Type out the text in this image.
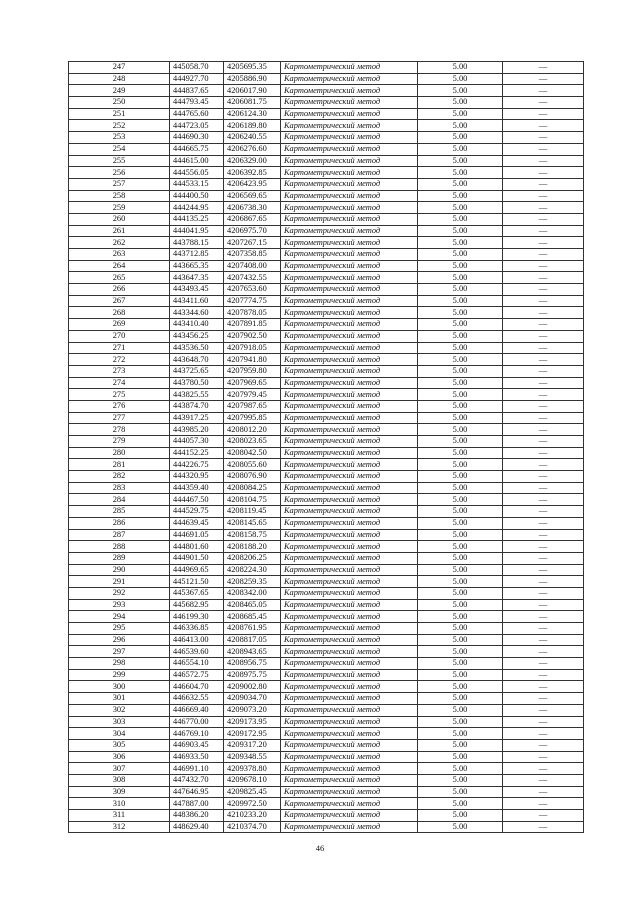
247	445058.70	4205695.35	Картометрический метод	5.00	—
248	444927.70	4205886.90	Картометрический метод	5.00	—
249	444837.65	4206017.90	Картометрический метод	5.00	—
250	444793.45	4206081.75	Картометрический метод	5.00	—
251	444765.60	4206124.30	Картометрический метод	5.00	—
252	444723.05	4206189.80	Картометрический метод	5.00	—
253	444690.30	4206240.55	Картометрический метод	5.00	—
254	444665.75	4206276.60	Картометрический метод	5.00	—
255	444615.00	4206329.00	Картометрический метод	5.00	—
256	444556.05	4206392.85	Картометрический метод	5.00	—
257	444533.15	4206423.95	Картометрический метод	5.00	—
258	444400.50	4206569.65	Картометрический метод	5.00	—
259	444244.95	4206738.30	Картометрический метод	5.00	—
260	444135.25	4206867.65	Картометрический метод	5.00	—
261	444041.95	4206975.70	Картометрический метод	5.00	—
262	443788.15	4207267.15	Картометрический метод	5.00	—
263	443712.85	4207358.85	Картометрический метод	5.00	—
264	443665.35	4207408.00	Картометрический метод	5.00	—
265	443647.35	4207432.55	Картометрический метод	5.00	—
266	443493.45	4207653.60	Картометрический метод	5.00	—
267	443411.60	4207774.75	Картометрический метод	5.00	—
268	443344.60	4207878.05	Картометрический метод	5.00	—
269	443410.40	4207891.85	Картометрический метод	5.00	—
270	443456.25	4207902.50	Картометрический метод	5.00	—
271	443536.50	4207918.05	Картометрический метод	5.00	—
272	443648.70	4207941.80	Картометрический метод	5.00	—
273	443725.65	4207959.80	Картометрический метод	5.00	—
274	443780.50	4207969.65	Картометрический метод	5.00	—
275	443825.55	4207979.45	Картометрический метод	5.00	—
276	443874.70	4207987.65	Картометрический метод	5.00	—
277	443917.25	4207995.85	Картометрический метод	5.00	—
278	443985.20	4208012.20	Картометрический метод	5.00	—
279	444057.30	4208023.65	Картометрический метод	5.00	—
280	444152.25	4208042.50	Картометрический метод	5.00	—
281	444226.75	4208055.60	Картометрический метод	5.00	—
282	444320.95	4208076.90	Картометрический метод	5.00	—
283	444359.40	4208084.25	Картометрический метод	5.00	—
284	444467.50	4208104.75	Картометрический метод	5.00	—
285	444529.75	4208119.45	Картометрический метод	5.00	—
286	444639.45	4208145.65	Картометрический метод	5.00	—
287	444691.05	4208158.75	Картометрический метод	5.00	—
288	444801.60	4208188.20	Картометрический метод	5.00	—
289	444901.50	4208206.25	Картометрический метод	5.00	—
290	444969.65	4208224.30	Картометрический метод	5.00	—
291	445121.50	4208259.35	Картометрический метод	5.00	—
292	445367.65	4208342.00	Картометрический метод	5.00	—
293	445682.95	4208465.05	Картометрический метод	5.00	—
294	446199.30	4208685.45	Картометрический метод	5.00	—
295	446336.85	4208761.95	Картометрический метод	5.00	—
296	446413.00	4208817.05	Картометрический метод	5.00	—
297	446539.60	4208943.65	Картометрический метод	5.00	—
298	446554.10	4208956.75	Картометрический метод	5.00	—
299	446572.75	4208975.75	Картометрический метод	5.00	—
300	446604.70	4209002.80	Картометрический метод	5.00	—
301	446632.55	4209034.70	Картометрический метод	5.00	—
302	446669.40	4209073.20	Картометрический метод	5.00	—
303	446770.00	4209173.95	Картометрический метод	5.00	—
304	446769.10	4209172.95	Картометрический метод	5.00	—
305	446903.45	4209317.20	Картометрический метод	5.00	—
306	446933.50	4209348.55	Картометрический метод	5.00	—
307	446991.10	4209378.80	Картометрический метод	5.00	—
308	447432.70	4209678.10	Картометрический метод	5.00	—
309	447646.95	4209825.45	Картометрический метод	5.00	—
310	447887.00	4209972.50	Картометрический метод	5.00	—
311	448386.20	4210233.20	Картометрический метод	5.00	—
312	448629.40	4210374.70	Картометрический метод	5.00	—
46
